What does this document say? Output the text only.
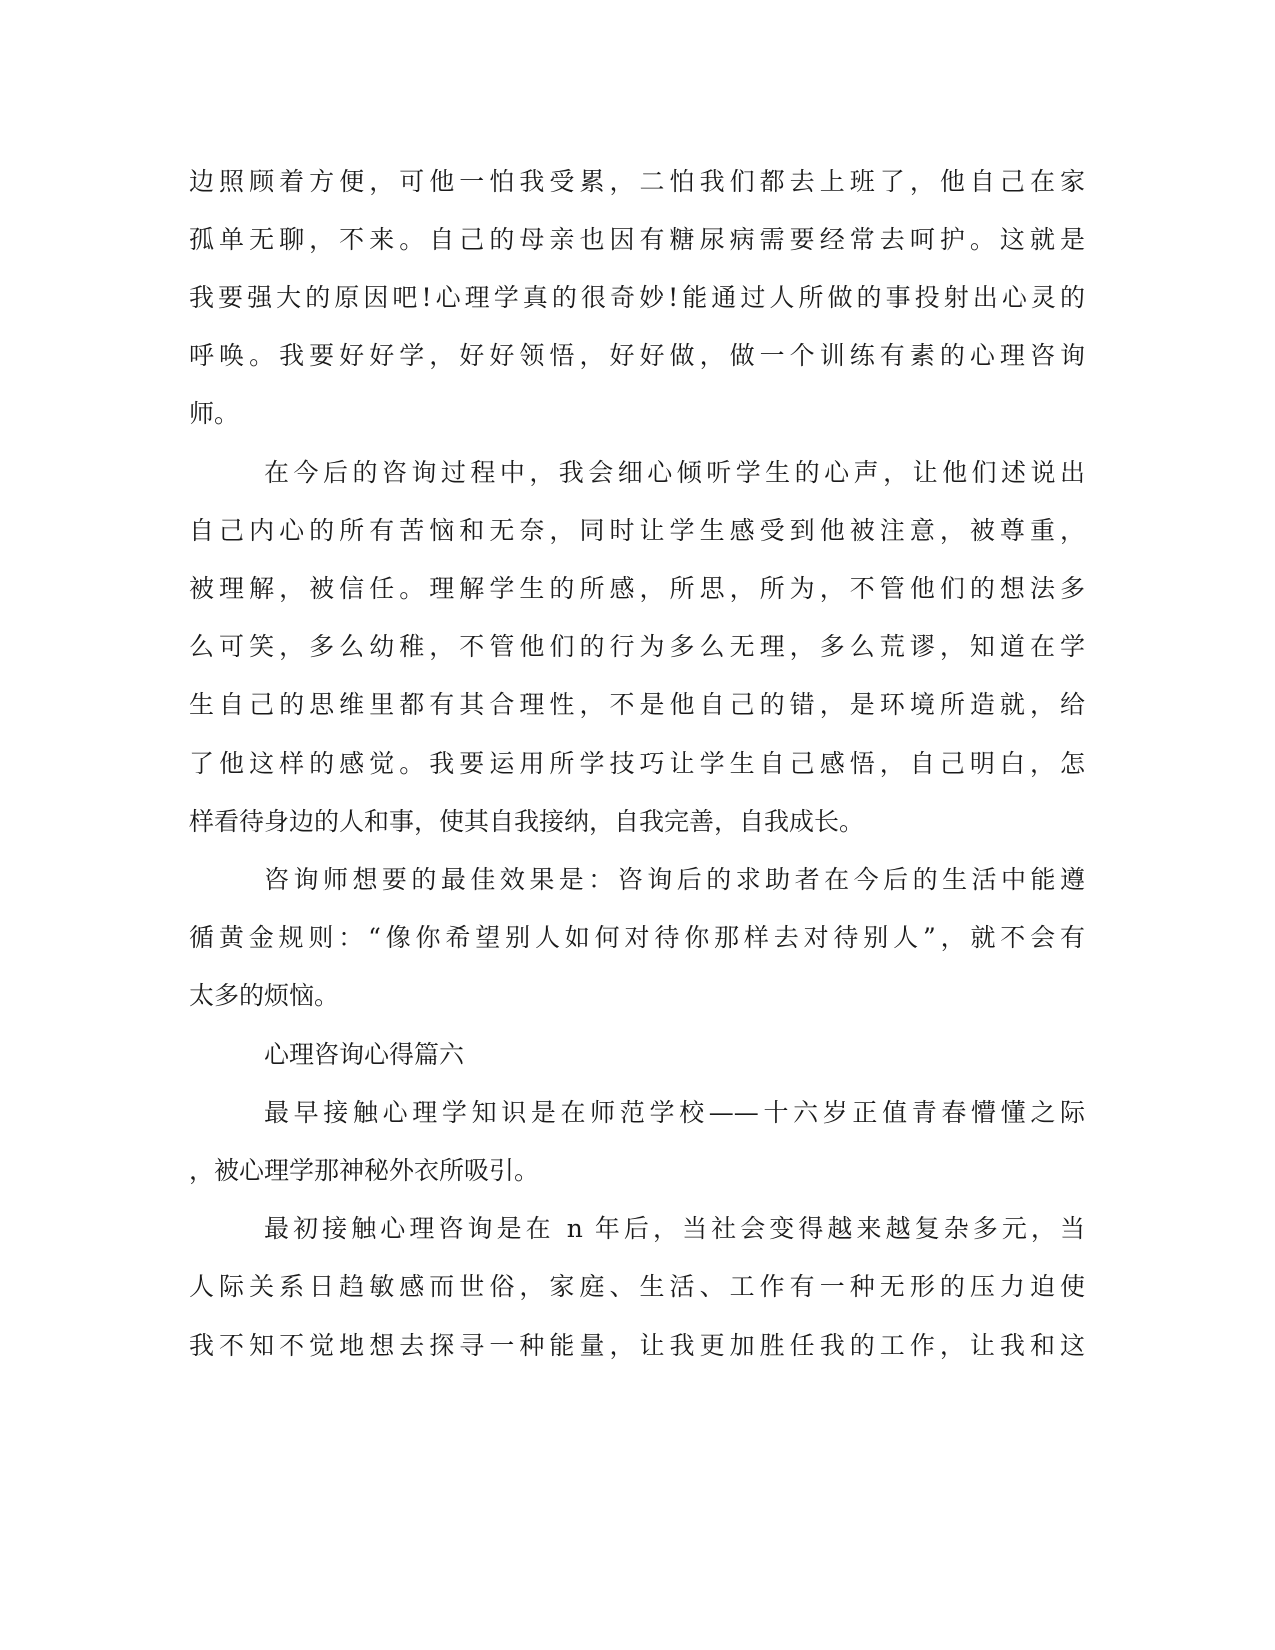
边照顾着方便，可他一怕我受累，二怕我们都去上班了，他自己在家

孤单无聊，不来。自己的母亲也因有糖尿病需要经常去呵护。这就是

我要强大的原因吧!心理学真的很奇妙!能通过人所做的事投射出心灵的

呼唤。我要好好学，好好领悟，好好做，做一个训练有素的心理咨询

师。

在今后的咨询过程中，我会细心倾听学生的心声，让他们述说出

自己内心的所有苦恼和无奈，同时让学生感受到他被注意，被尊重，

被理解，被信任。理解学生的所感，所思，所为，不管他们的想法多

么可笑，多么幼稚，不管他们的行为多么无理，多么荒谬，知道在学

生自己的思维里都有其合理性，不是他自己的错，是环境所造就，给

了他这样的感觉。我要运用所学技巧让学生自己感悟，自己明白，怎

样看待身边的人和事，使其自我接纳，自我完善，自我成长。

咨询师想要的最佳效果是：咨询后的求助者在今后的生活中能遵

循黄金规则：“像你希望别人如何对待你那样去对待别人”，就不会有

太多的烦恼。

心理咨询心得篇六

最早接触心理学知识是在师范学校——十六岁正值青春懵懂之际

，被心理学那神秘外衣所吸引。

最初接触心理咨询是在 n 年后，当社会变得越来越复杂多元，当

人际关系日趋敏感而世俗，家庭、生活、工作有一种无形的压力迫使

我不知不觉地想去探寻一种能量，让我更加胜任我的工作，让我和这
